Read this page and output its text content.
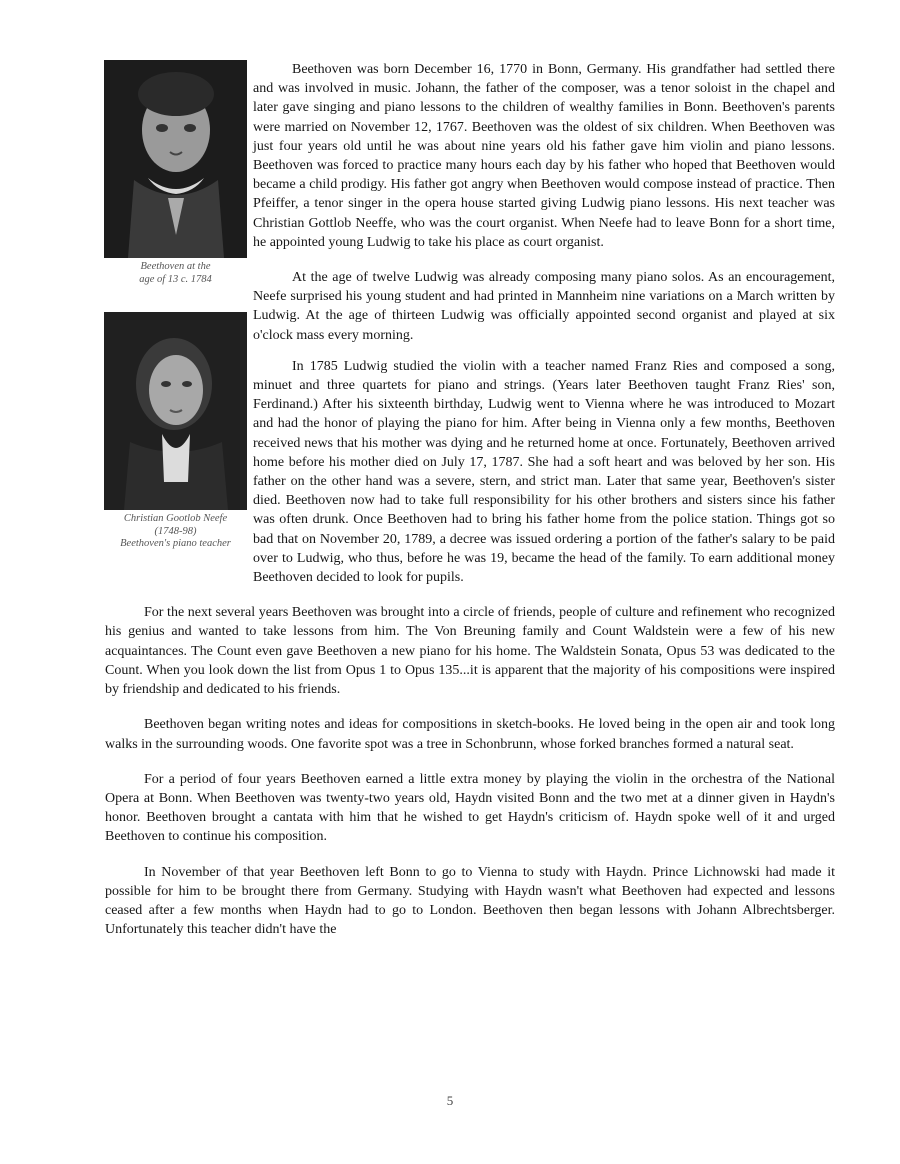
Beethoven at the
age of 13 c. 1784

Beethoven was born December 16, 1770 in Bonn, Germany. His grandfather had settled there and was involved in music. Johann, the father of the composer, was a tenor soloist in the chapel and later gave singing and piano lessons to the children of wealthy families in Bonn. Beethoven's parents were married on November 12, 1767. Beethoven was the oldest of six children. When Beethoven was just four years old until he was about nine years old his father gave him violin and piano lessons. Beethoven was forced to practice many hours each day by his father who hoped that Beethoven would became a child prodigy. His father got angry when Beethoven would compose instead of practice. Then Pfeiffer, a tenor singer in the opera house started giving Ludwig piano lessons. His next teacher was Christian Gottlob Neeffe, who was the court organist. When Neefe had to leave Bonn for a short time, he appointed young Ludwig to take his place as court organist.

Christian Gootlob Neefe
(1748-98)
Beethoven's piano teacher

At the age of twelve Ludwig was already composing many piano solos. As an encouragement, Neefe surprised his young student and had printed in Mannheim nine variations on a March written by Ludwig. At the age of thirteen Ludwig was officially appointed second organist and played at six o'clock mass every morning.

In 1785 Ludwig studied the violin with a teacher named Franz Ries and composed a song, minuet and three quartets for piano and strings. (Years later Beethoven taught Franz Ries' son, Ferdinand.) After his sixteenth birthday, Ludwig went to Vienna where he was introduced to Mozart and had the honor of playing the piano for him. After being in Vienna only a few months, Beethoven received news that his mother was dying and he returned home at once. Fortunately, Beethoven arrived home before his mother died on July 17, 1787. She had a soft heart and was beloved by her son. His father on the other hand was a severe, stern, and strict man. Later that same year, Beethoven's sister died. Beethoven now had to take full responsibility for his other brothers and sisters since his father was often drunk. Once Beethoven had to bring his father home from the police station. Things got so bad that on November 20, 1789, a decree was issued ordering a portion of the father's salary to be paid over to Ludwig, who thus, before he was 19, became the head of the family. To earn additional money Beethoven decided to look for pupils.

For the next several years Beethoven was brought into a circle of friends, people of culture and refinement who recognized his genius and wanted to take lessons from him. The Von Breuning family and Count Waldstein were a few of his new acquaintances. The Count even gave Beethoven a new piano for his home. The Waldstein Sonata, Opus 53 was dedicated to the Count. When you look down the list from Opus 1 to Opus 135...it is apparent that the majority of his compositions were inspired by friendship and dedicated to his friends.

Beethoven began writing notes and ideas for compositions in sketch-books. He loved being in the open air and took long walks in the surrounding woods. One favorite spot was a tree in Schonbrunn, whose forked branches formed a natural seat.

For a period of four years Beethoven earned a little extra money by playing the violin in the orchestra of the National Opera at Bonn. When Beethoven was twenty-two years old, Haydn visited Bonn and the two met at a dinner given in Haydn's honor. Beethoven brought a cantata with him that he wished to get Haydn's criticism of. Haydn spoke well of it and urged Beethoven to continue his composition.

In November of that year Beethoven left Bonn to go to Vienna to study with Haydn. Prince Lichnowski had made it possible for him to be brought there from Germany. Studying with Haydn wasn't what Beethoven had expected and lessons ceased after a few months when Haydn had to go to London. Beethoven then began lessons with Johann Albrechtsberger. Unfortunately this teacher didn't have the

5
